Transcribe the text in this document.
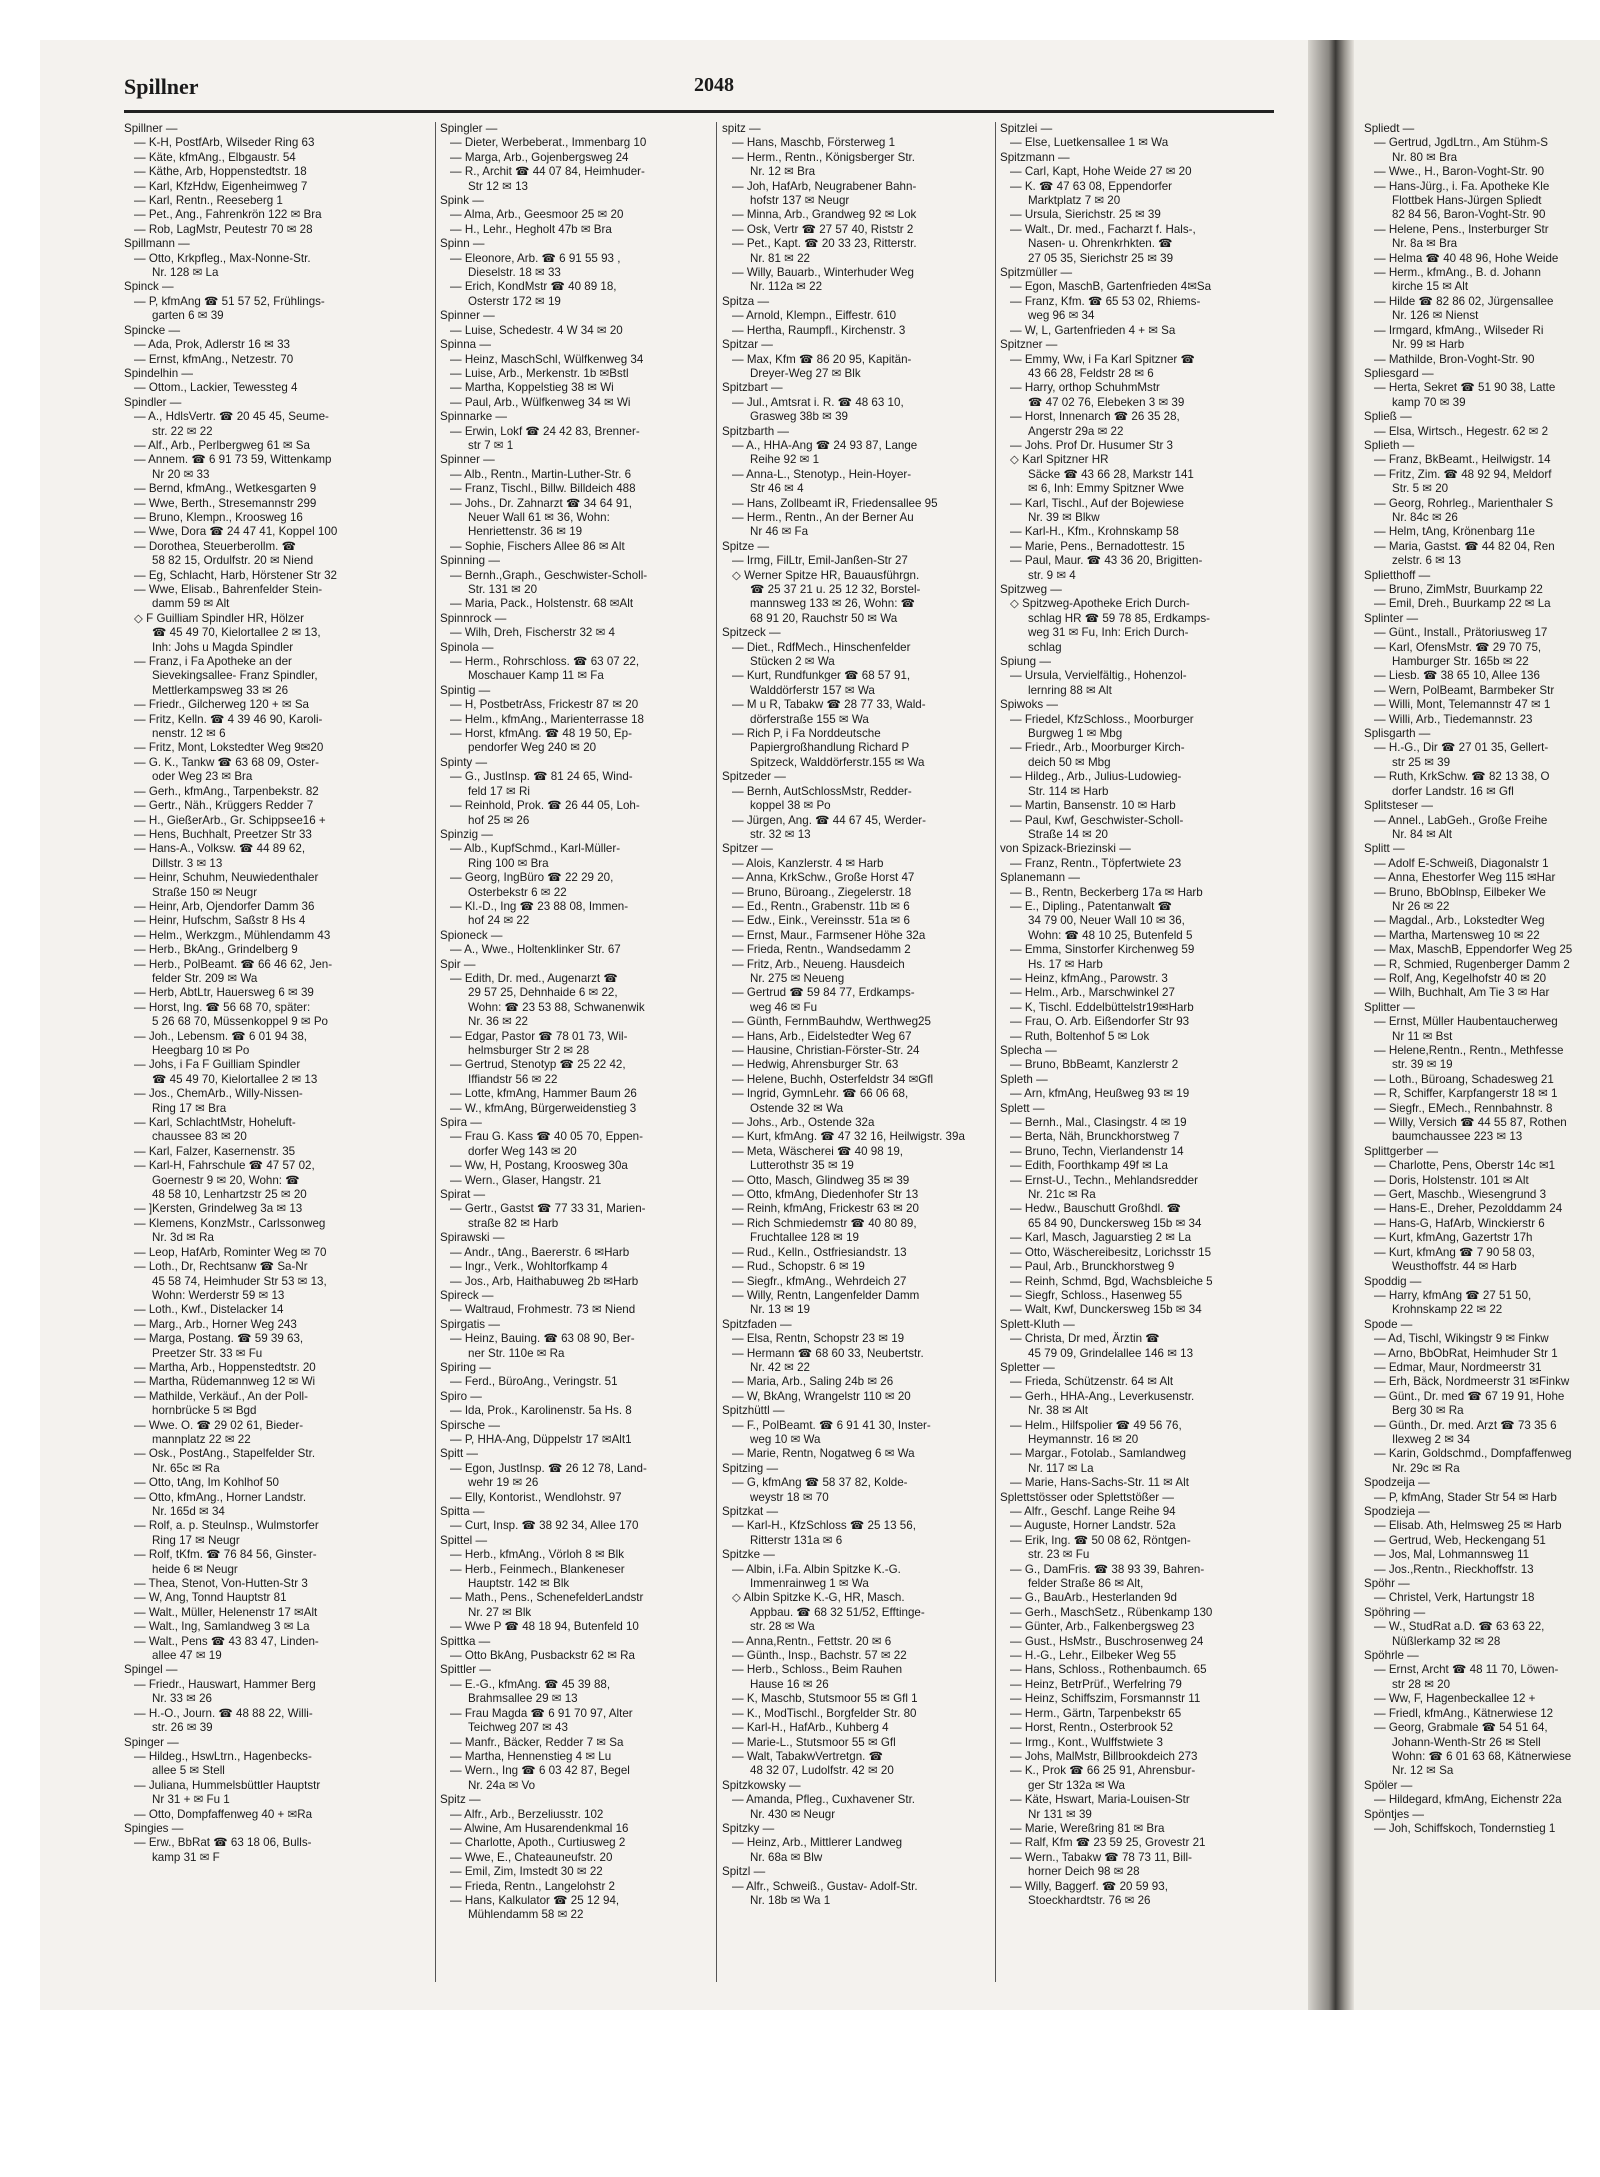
Spillner	2048
Spillner —
— K-H, PostfArb, Wilseder Ring 63
— Käte, kfmAng., Elbgaustr. 54
— Käthe, Arb, Hoppenstedtstr. 18
— Karl, KfzHdw, Eigenheimweg 7
— Karl, Rentn., Reeseberg 1
— Pet., Ang., Fahrenkrön 122 ✉ Bra
— Rob, LagMstr, Peutestr 70 ✉ 28
Spillmann —
— Otto, Krkpfleg., Max-Nonne-Str.
Nr. 128 ✉ La
Spinck —
— P, kfmAng ☎ 51 57 52, Frühlings-
garten 6 ✉ 39
Spincke —
— Ada, Prok, Adlerstr 16 ✉ 33
— Ernst, kfmAng., Netzestr. 70
Spindelhin —
— Ottom., Lackier, Tewessteg 4
Spindler —
— A., HdlsVertr. ☎ 20 45 45, Seume-
str. 22 ✉ 22
— Alf., Arb., Perlbergweg 61 ✉ Sa
— Annem. ☎ 6 91 73 59, Wittenkamp
Nr 20 ✉ 33
— Bernd, kfmAng., Wetkesgarten 9
— Wwe, Berth., Stresemannstr 299
— Bruno, Klempn., Kroosweg 16
— Wwe, Dora ☎ 24 47 41, Koppel 100
— Dorothea, Steuerberollm. ☎
58 82 15, Ordulfstr. 20 ✉ Niend
— Eg, Schlacht, Harb, Hörstener Str 32
— Wwe, Elisab., Bahrenfelder Stein-
damm 59 ✉ Alt
◇ F Guilliam Spindler HR, Hölzer
☎ 45 49 70, Kielortallee 2 ✉ 13,
Inh: Johs u Magda Spindler
— Franz, i Fa Apotheke an der
Sievekingsallee- Franz Spindler,
Mettlerkampsweg 33 ✉ 26
— Friedr., Gilcherweg 120 + ✉ Sa
— Fritz, Kelln. ☎ 4 39 46 90, Karoli-
nenstr. 12 ✉ 6
— Fritz, Mont, Lokstedter Weg 9✉20
— G. K., Tankw ☎ 63 68 09, Oster-
oder Weg 23 ✉ Bra
— Gerh., kfmAng., Tarpenbekstr. 82
— Gertr., Näh., Krüggers Redder 7
— H., GießerArb., Gr. Schippsee16 +
— Hens, Buchhalt, Preetzer Str 33
— Hans-A., Volksw. ☎ 44 89 62,
Dillstr. 3 ✉ 13
— Heinr, Schuhm, Neuwiedenthaler
Straße 150 ✉ Neugr
— Heinr, Arb, Ojendorfer Damm 36
— Heinr, Hufschm, Saßstr 8 Hs 4
— Helm., Werkzgm., Mühlendamm 43
— Herb., BkAng., Grindelberg 9
— Herb., PolBeamt. ☎ 66 46 62, Jen-
felder Str. 209 ✉ Wa
— Herb, AbtLtr, Hauersweg 6 ✉ 39
— Horst, Ing. ☎ 56 68 70, später:
5 26 68 70, Müssenkoppel 9 ✉ Po
— Joh., Lebensm. ☎ 6 01 94 38,
Heegbarg 10 ✉ Po
— Johs, i Fa F Guilliam Spindler
☎ 45 49 70, Kielortallee 2 ✉ 13
— Jos., ChemArb., Willy-Nissen-
Ring 17 ✉ Bra
— Karl, SchlachtMstr, Hoheluft-
chaussee 83 ✉ 20
— Karl, Falzer, Kasernenstr. 35
— Karl-H, Fahrschule ☎ 47 57 02,
Goernestr 9 ✉ 20, Wohn: ☎
48 58 10, Lenhartzstr 25 ✉ 20
— ]Kersten, Grindelweg 3a ✉ 13
— Klemens, KonzMstr., Carlssonweg
Nr. 3d ✉ Ra
— Leop, HafArb, Rominter Weg ✉ 70
— Loth., Dr, Rechtsanw ☎ Sa-Nr
45 58 74, Heimhuder Str 53 ✉ 13,
Wohn: Werderstr 59 ✉ 13
— Loth., Kwf., Distelacker 14
— Marg., Arb., Horner Weg 243
— Marga, Postang. ☎ 59 39 63,
Preetzer Str. 33 ✉ Fu
— Martha, Arb., Hoppenstedtstr. 20
— Martha, Rüdemannweg 12 ✉ Wi
— Mathilde, Verkäuf., An der Poll-
hornbrücke 5 ✉ Bgd
— Wwe. O. ☎ 29 02 61, Bieder-
mannplatz 22 ✉ 22
— Osk., PostAng., Stapelfelder Str.
Nr. 65c ✉ Ra
— Otto, tAng, Im Kohlhof 50
— Otto, kfmAng., Horner Landstr.
Nr. 165d ✉ 34
— Rolf, a. p. Steulnsp., Wulmstorfer
Ring 17 ✉ Neugr
— Rolf, tKfm. ☎ 76 84 56, Ginster-
heide 6 ✉ Neugr
— Thea, Stenot, Von-Hutten-Str 3
— W, Ang, Tonnd Hauptstr 81
— Walt., Müller, Helenenstr 17 ✉Alt
— Walt., Ing, Samlandweg 3 ✉ La
— Walt., Pens ☎ 43 83 47, Linden-
allee 47 ✉ 19
Spingel —
— Friedr., Hauswart, Hammer Berg
Nr. 33 ✉ 26
— H.-O., Journ. ☎ 48 88 22, Willi-
str. 26 ✉ 39
Spinger —
— Hildeg., HswLtrn., Hagenbecks-
allee 5 ✉ Stell
— Juliana, Hummelsbüttler Hauptstr
Nr 31 + ✉ Fu 1
— Otto, Dompfaffenweg 40 + ✉Ra
Spingies —
— Erw., BbRat ☎ 63 18 06, Bulls-
kamp 31 ✉ F
Spingler —
— Dieter, Werbeberat., Immenbarg 10
— Marga, Arb., Gojenbergsweg 24
— R., Archit ☎ 44 07 84, Heimhuder-
Str 12 ✉ 13
Spink —
— Alma, Arb., Geesmoor 25 ✉ 20
— H., Lehr., Hegholt 47b ✉ Bra
Spinn —
— Eleonore, Arb. ☎ 6 91 55 93 ,
Dieselstr. 18 ✉ 33
— Erich, KondMstr ☎ 40 89 18,
Osterstr 172 ✉ 19
Spinner —
— Luise, Schedestr. 4 W 34 ✉ 20
Spinna —
— Heinz, MaschSchl, Wülfkenweg 34
— Luise, Arb., Merkenstr. 1b ✉Bstl
— Martha, Koppelstieg 38 ✉ Wi
— Paul, Arb., Wülfkenweg 34 ✉ Wi
Spinnarke —
— Erwin, Lokf ☎ 24 42 83, Brenner-
str 7 ✉ 1
Spinner —
— Alb., Rentn., Martin-Luther-Str. 6
— Franz, Tischl., Billw. Billdeich 488
— Johs., Dr. Zahnarzt ☎ 34 64 91,
Neuer Wall 61 ✉ 36, Wohn:
Henriettenstr. 36 ✉ 19
— Sophie, Fischers Allee 86 ✉ Alt
Spinning —
— Bernh.,Graph., Geschwister-Scholl-
Str. 131 ✉ 20
— Maria, Pack., Holstenstr. 68 ✉Alt
Spinnrock —
— Wilh, Dreh, Fischerstr 32 ✉ 4
Spinola —
— Herm., Rohrschloss. ☎ 63 07 22,
Moschauer Kamp 11 ✉ Fa
Spintig —
— H, PostbetrAss, Frickestr 87 ✉ 20
— Helm., kfmAng., Marienterrasse 18
— Horst, kfmAng. ☎ 48 19 50, Ep-
pendorfer Weg 240 ✉ 20
Spinty —
— G., JustInsp. ☎ 81 24 65, Wind-
feld 17 ✉ Ri
— Reinhold, Prok. ☎ 26 44 05, Loh-
hof 25 ✉ 26
Spinzig —
— Alb., KupfSchmd., Karl-Müller-
Ring 100 ✉ Bra
— Georg, IngBüro ☎ 22 29 20,
Osterbekstr 6 ✉ 22
— Kl.-D., Ing ☎ 23 88 08, Immen-
hof 24 ✉ 22
Spioneck —
— A., Wwe., Holtenklinker Str. 67
Spir —
— Edith, Dr. med., Augenarzt ☎
29 57 25, Dehnhaide 6 ✉ 22,
Wohn: ☎ 23 53 88, Schwanenwik
Nr. 36 ✉ 22
— Edgar, Pastor ☎ 78 01 73, Wil-
helmsburger Str 2 ✉ 28
— Gertrud, Stenotyp ☎ 25 22 42,
Iffiandstr 56 ✉ 22
— Lotte, kfmAng, Hammer Baum 26
— W., kfmAng, Bürgerweidenstieg 3
Spira —
— Frau G. Kass ☎ 40 05 70, Eppen-
dorfer Weg 143 ✉ 20
— Ww, H, Postang, Kroosweg 30a
— Wern., Glaser, Hangstr. 21
Spirat —
— Gertr., Gastst ☎ 77 33 31, Marien-
straße 82 ✉ Harb
Spirawski —
— Andr., tAng., Baererstr. 6 ✉Harb
— Ingr., Verk., Wohltorfkamp 4
— Jos., Arb, Haithabuweg 2b ✉Harb
Spireck —
— Waltraud, Frohmestr. 73 ✉ Niend
Spirgatis —
— Heinz, Bauing. ☎ 63 08 90, Ber-
ner Str. 110e ✉ Ra
Spiring —
— Ferd., BüroAng., Veringstr. 51
Spiro —
— Ida, Prok., Karolinenstr. 5a Hs. 8
Spirsche —
— P, HHA-Ang, Düppelstr 17 ✉Alt1
Spitt —
— Egon, JustInsp. ☎ 26 12 78, Land-
wehr 19 ✉ 26
— Elly, Kontorist., Wendlohstr. 97
Spitta —
— Curt, Insp. ☎ 38 92 34, Allee 170
Spittel —
— Herb., kfmAng., Vörloh 8 ✉ Blk
— Herb., Feinmech., Blankeneser
Hauptstr. 142 ✉ Blk
— Math., Pens., SchenefelderLandstr
Nr. 27 ✉ Blk
— Wwe P ☎ 48 18 94, Butenfeld 10
Spittka —
— Otto BkAng, Pusbackstr 62 ✉ Ra
Spittler —
— E.-G., kfmAng. ☎ 45 39 88,
Brahmsallee 29 ✉ 13
— Frau Magda ☎ 6 91 70 97, Alter
Teichweg 207 ✉ 43
— Manfr., Bäcker, Redder 7 ✉ Sa
— Martha, Hennenstieg 4 ✉ Lu
— Wern., Ing ☎ 6 03 42 87, Begel
Nr. 24a ✉ Vo
Spitz —
— Alfr., Arb., Berzeliusstr. 102
— Alwine, Am Husarendenkmal 16
— Charlotte, Apoth., Curtiusweg 2
— Wwe, E., Chateauneufstr. 20
— Emil, Zim, Imstedt 30 ✉ 22
— Frieda, Rentn., Langelohstr 2
— Hans, Kalkulator ☎ 25 12 94,
Mühlendamm 58 ✉ 22
spitz —
— Hans, Maschb, Försterweg 1
— Herm., Rentn., Königsberger Str.
Nr. 12 ✉ Bra
— Joh, HafArb, Neugrabener Bahn-
hofstr 137 ✉ Neugr
— Minna, Arb., Grandweg 92 ✉ Lok
— Osk, Vertr ☎ 27 57 40, Riststr 2
— Pet., Kapt. ☎ 20 33 23, Ritterstr.
Nr. 81 ✉ 22
— Willy, Bauarb., Winterhuder Weg
Nr. 112a ✉ 22
Spitza —
— Arnold, Klempn., Eiffestr. 610
— Hertha, Raumpfl., Kirchenstr. 3
Spitzar —
— Max, Kfm ☎ 86 20 95, Kapitän-
Dreyer-Weg 27 ✉ Blk
Spitzbart —
— Jul., Amtsrat i. R. ☎ 48 63 10,
Grasweg 38b ✉ 39
Spitzbarth —
— A., HHA-Ang ☎ 24 93 87, Lange
Reihe 92 ✉ 1
— Anna-L., Stenotyp., Hein-Hoyer-
Str 46 ✉ 4
— Hans, Zollbeamt iR, Friedensallee 95
— Herm., Rentn., An der Berner Au
Nr 46 ✉ Fa
Spitze —
— Irmg, FilLtr, Emil-Janßen-Str 27
◇ Werner Spitze HR, Bauausführgn.
☎ 25 37 21 u. 25 12 32, Borstel-
mannsweg 133 ✉ 26, Wohn: ☎
68 91 20, Rauchstr 50 ✉ Wa
Spitzeck —
— Diet., RdfMech., Hinschenfelder
Stücken 2 ✉ Wa
— Kurt, Rundfunkger ☎ 68 57 91,
Walddörferstr 157 ✉ Wa
— M u R, Tabakw ☎ 28 77 33, Wald-
dörferstraße 155 ✉ Wa
— Rich P, i Fa Norddeutsche
Papiergroßhandlung Richard P
Spitzeck, Walddörferstr.155 ✉ Wa
Spitzeder —
— Bernh, AutSchlossMstr, Redder-
koppel 38 ✉ Po
— Jürgen, Ang. ☎ 44 67 45, Werder-
str. 32 ✉ 13
Spitzer —
— Alois, Kanzlerstr. 4 ✉ Harb
— Anna, KrkSchw., Große Horst 47
— Bruno, Büroang., Ziegelerstr. 18
— Ed., Rentn., Grabenstr. 11b ✉ 6
— Edw., Eink., Vereinsstr. 51a ✉ 6
— Ernst, Maur., Farmsener Höhe 32a
— Frieda, Rentn., Wandsedamm 2
— Fritz, Arb., Neueng. Hausdeich
Nr. 275 ✉ Neueng
— Gertrud ☎ 59 84 77, Erdkamps-
weg 46 ✉ Fu
— Günth, FernmBauhdw, Werthweg25
— Hans, Arb., Eidelstedter Weg 67
— Hausine, Christian-Förster-Str. 24
— Hedwig, Ahrensburger Str. 63
— Helene, Buchh, Osterfeldstr 34 ✉Gfl
— Ingrid, GymnLehr. ☎ 66 06 68,
Ostende 32 ✉ Wa
— Johs., Arb., Ostende 32a
— Kurt, kfmAng. ☎ 47 32 16, Heilwigstr. 39a
— Meta, Wäscherei ☎ 40 98 19,
Lutterothstr 35 ✉ 19
— Otto, Masch, Glindweg 35 ✉ 39
— Otto, kfmAng, Diedenhofer Str 13
— Reinh, kfmAng, Frickestr 63 ✉ 20
— Rich Schmiedemstr ☎ 40 80 89,
Fruchtallee 128 ✉ 19
— Rud., Kelln., Ostfriesiandstr. 13
— Rud., Schopstr. 6 ✉ 19
— Siegfr., kfmAng., Wehrdeich 27
— Willy, Rentn, Langenfelder Damm
Nr. 13 ✉ 19
Spitzfaden —
— Elsa, Rentn, Schopstr 23 ✉ 19
— Hermann ☎ 68 60 33, Neubertstr.
Nr. 42 ✉ 22
— Maria, Arb., Saling 24b ✉ 26
— W, BkAng, Wrangelstr 110 ✉ 20
Spitzhüttl —
— F., PolBeamt. ☎ 6 91 41 30, Inster-
weg 10 ✉ Wa
— Marie, Rentn, Nogatweg 6 ✉ Wa
Spitzing —
— G, kfmAng ☎ 58 37 82, Kolde-
weystr 18 ✉ 70
Spitzkat —
— Karl-H., KfzSchloss ☎ 25 13 56,
Ritterstr 131a ✉ 6
Spitzke —
— Albin, i.Fa. Albin Spitzke K.-G.
Immenrainweg 1 ✉ Wa
◇ Albin Spitzke K.-G, HR, Masch.
Appbau. ☎ 68 32 51/52, Efftinge-
str. 28 ✉ Wa
— Anna,Rentn., Fettstr. 20 ✉ 6
— Günth., Insp., Bachstr. 57 ✉ 22
— Herb., Schloss., Beim Rauhen
Hause 16 ✉ 26
— K, Maschb, Stutsmoor 55 ✉ Gfl 1
— K., ModTischl., Borgfelder Str. 80
— Karl-H., HafArb., Kuhberg 4
— Marie-L., Stutsmoor 55 ✉ Gfl
— Walt, TabakwVertretgn. ☎
48 32 07, Ludolfstr. 42 ✉ 20
Spitzkowsky —
— Amanda, Pfleg., Cuxhavener Str.
Nr. 430 ✉ Neugr
Spitzky —
— Heinz, Arb., Mittlerer Landweg
Nr. 68a ✉ Blw
Spitzl —
— Alfr., Schweiß., Gustav- Adolf-Str.
Nr. 18b ✉ Wa 1
Spitzlei —
— Else, Luetkensallee 1 ✉ Wa
Spitzmann —
— Carl, Kapt, Hohe Weide 27 ✉ 20
— K. ☎ 47 63 08, Eppendorfer
Marktplatz 7 ✉ 20
— Ursula, Sierichstr. 25 ✉ 39
— Walt., Dr. med., Facharzt f. Hals-,
Nasen- u. Ohrenkrhkten. ☎
27 05 35, Sierichstr 25 ✉ 39
Spitzmüller —
— Egon, MaschB, Gartenfrieden 4✉Sa
— Franz, Kfm. ☎ 65 53 02, Rhiems-
weg 96 ✉ 34
— W, L, Gartenfrieden 4 + ✉ Sa
Spitzner —
— Emmy, Ww, i Fa Karl Spitzner ☎
43 66 28, Feldstr 28 ✉ 6
— Harry, orthop SchuhmMstr
☎ 47 02 76, Elebeken 3 ✉ 39
— Horst, Innenarch ☎ 26 35 28,
Angerstr 29a ✉ 22
— Johs. Prof Dr. Husumer Str 3
◇ Karl Spitzner HR
Säcke ☎ 43 66 28, Markstr 141
✉ 6, Inh: Emmy Spitzner Wwe
— Karl, Tischl., Auf der Bojewiese
Nr. 39 ✉ Blkw
— Karl-H., Kfm., Krohnskamp 58
— Marie, Pens., Bernadottestr. 15
— Paul, Maur. ☎ 43 36 20, Brigitten-
str. 9 ✉ 4
Spitzweg —
◇ Spitzweg-Apotheke Erich Durch-
schlag HR ☎ 59 78 85, Erdkamps-
weg 31 ✉ Fu, Inh: Erich Durch-
schlag
Spiung —
— Ursula, Vervielfältig., Hohenzol-
lernring 88 ✉ Alt
Spiwoks —
— Friedel, KfzSchloss., Moorburger
Burgweg 1 ✉ Mbg
— Friedr., Arb., Moorburger Kirch-
deich 50 ✉ Mbg
— Hildeg., Arb., Julius-Ludowieg-
Str. 114 ✉ Harb
— Martin, Bansenstr. 10 ✉ Harb
— Paul, Kwf, Geschwister-Scholl-
Straße 14 ✉ 20
von Spizack-Briezinski —
— Franz, Rentn., Töpfertwiete 23
Splanemann —
— B., Rentn, Beckerberg 17a ✉ Harb
— E., Dipling., Patentanwalt ☎
34 79 00, Neuer Wall 10 ✉ 36,
Wohn: ☎ 48 10 25, Butenfeld 5
— Emma, Sinstorfer Kirchenweg 59
Hs. 17 ✉ Harb
— Heinz, kfmAng., Parowstr. 3
— Helm., Arb., Marschwinkel 27
— K, Tischl. Eddelbüttelstr19✉Harb
— Frau, O. Arb. Eißendorfer Str 93
— Ruth, Boltenhof 5 ✉ Lok
Splecha —
— Bruno, BbBeamt, Kanzlerstr 2
Spleth —
— Arn, kfmAng, Heußweg 93 ✉ 19
Splett —
— Bernh., Mal., Clasingstr. 4 ✉ 19
— Berta, Näh, Brunckhorstweg 7
— Bruno, Techn, Vierlandenstr 14
— Edith, Foorthkamp 49f ✉ La
— Ernst-U., Techn., Mehlandsredder
Nr. 21c ✉ Ra
— Hedw., Bauschutt Großhdl. ☎
65 84 90, Dunckersweg 15b ✉ 34
— Karl, Masch, Jaguarstieg 2 ✉ La
— Otto, Wäschereibesitz, Lorichsstr 15
— Paul, Arb., Brunckhorstweg 9
— Reinh, Schmd, Bgd, Wachsbleiche 5
— Siegfr, Schloss., Hasenweg 55
— Walt, Kwf, Dunckersweg 15b ✉ 34
Splett-Kluth —
— Christa, Dr med, Ärztin ☎
45 79 09, Grindelallee 146 ✉ 13
Spletter —
— Frieda, Schützenstr. 64 ✉ Alt
— Gerh., HHA-Ang., Leverkusenstr.
Nr. 38 ✉ Alt
— Helm., Hilfspolier ☎ 49 56 76,
Heymannstr. 16 ✉ 20
— Margar., Fotolab., Samlandweg
Nr. 117 ✉ La
— Marie, Hans-Sachs-Str. 11 ✉ Alt
Splettstösser oder Splettstößer —
— Alfr., Geschf. Lange Reihe 94
— Auguste, Horner Landstr. 52a
— Erik, Ing. ☎ 50 08 62, Röntgen-
str. 23 ✉ Fu
— G., DamFris. ☎ 38 93 39, Bahren-
felder Straße 86 ✉ Alt,
— G., BauArb., Hesterlanden 9d
— Gerh., MaschSetz., Rübenkamp 130
— Günter, Arb., Falkenbergsweg 23
— Gust., HsMstr., Buschrosenweg 24
— H.-G., Lehr., Eilbeker Weg 55
— Hans, Schloss., Rothenbaumch. 65
— Heinz, BetrPrüf., Werfelring 79
— Heinz, Schiffszim, Forsmannstr 11
— Herm., Gärtn, Tarpenbekstr 65
— Horst, Rentn., Osterbrook 52
— Irmg., Kont., Wulffstwiete 3
— Johs, MalMstr, Billbrookdeich 273
— K., Prok ☎ 66 25 91, Ahrensbur-
ger Str 132a ✉ Wa
— Käte, Hswart, Maria-Louisen-Str
Nr 131 ✉ 39
— Marie, Wereßring 81 ✉ Bra
— Ralf, Kfm ☎ 23 59 25, Grovestr 21
— Wern., Tabakw ☎ 78 73 11, Bill-
horner Deich 98 ✉ 28
— Willy, Baggerf. ☎ 20 59 93,
Stoeckhardtstr. 76 ✉ 26
Spliedt —
— Gertrud, JgdLtrn., Am Stühm-S
Nr. 80 ✉ Bra
— Wwe., H., Baron-Voght-Str. 90
— Hans-Jürg., i. Fa. Apotheke Kle
Flottbek Hans-Jürgen Spliedt
82 84 56, Baron-Voght-Str. 90
— Helene, Pens., Insterburger Str
Nr. 8a ✉ Bra
— Helma ☎ 40 48 96, Hohe Weide
— Herm., kfmAng., B. d. Johann
kirche 15 ✉ Alt
— Hilde ☎ 82 86 02, Jürgensallee
Nr. 126 ✉ Nienst
— Irmgard, kfmAng., Wilseder Ri
Nr. 99 ✉ Harb
— Mathilde, Bron-Voght-Str. 90
Spliesgard —
— Herta, Sekret ☎ 51 90 38, Latte
kamp 70 ✉ 39
Spließ —
— Elsa, Wirtsch., Hegestr. 62 ✉ 2
Splieth —
— Franz, BkBeamt., Heilwigstr. 14
— Fritz, Zim. ☎ 48 92 94, Meldorf
Str. 5 ✉ 20
— Georg, Rohrleg., Marienthaler S
Nr. 84c ✉ 26
— Helm, tAng, Krönenbarg 11e
— Maria, Gastst. ☎ 44 82 04, Ren
zelstr. 6 ✉ 13
Splietthoff —
— Bruno, ZimMstr, Buurkamp 22
— Emil, Dreh., Buurkamp 22 ✉ La
Splinter —
— Günt., Install., Prätoriusweg 17
— Karl, OfensMstr. ☎ 29 70 75,
Hamburger Str. 165b ✉ 22
— Liesb. ☎ 38 65 10, Allee 136
— Wern, PolBeamt, Barmbeker Str
— Willi, Mont, Telemannstr 47 ✉ 1
— Willi, Arb., Tiedemannstr. 23
Splisgarth —
— H.-G., Dir ☎ 27 01 35, Gellert-
str 25 ✉ 39
— Ruth, KrkSchw. ☎ 82 13 38, O
dorfer Landstr. 16 ✉ Gfl
Splitsteser —
— Annel., LabGeh., Große Freihe
Nr. 84 ✉ Alt
Splitt —
— Adolf E-Schweiß, Diagonalstr 1
— Anna, Ehestorfer Weg 115 ✉Har
— Bruno, BbOblnsp, Eilbeker We
Nr 26 ✉ 22
— Magdal., Arb., Lokstedter Weg
— Martha, Martensweg 10 ✉ 22
— Max, MaschB, Eppendorfer Weg 25
— R, Schmied, Rugenberger Damm 2
— Rolf, Ang, Kegelhofstr 40 ✉ 20
— Wilh, Buchhalt, Am Tie 3 ✉ Har
Splitter —
— Ernst, Müller Haubentaucherweg
Nr 11 ✉ Bst
— Helene,Rentn., Rentn., Methfesse
str. 39 ✉ 19
— Loth., Büroang, Schadesweg 21
— R, Schiffer, Karpfangerstr 18 ✉ 1
— Siegfr., EMech., Rennbahnstr. 8
— Willy, Versich ☎ 44 55 87, Rothen
baumchaussee 223 ✉ 13
Splittgerber —
— Charlotte, Pens, Oberstr 14c ✉1
— Doris, Holstenstr. 101 ✉ Alt
— Gert, Maschb., Wiesengrund 3
— Hans-E., Dreher, Pezolddamm 24
— Hans-G, HafArb, Winckierstr 6
— Kurt, kfmAng, Gazertstr 17h
— Kurt, kfmAng ☎ 7 90 58 03,
Weusthoffstr. 44 ✉ Harb
Spoddig —
— Harry, kfmAng ☎ 27 51 50,
Krohnskamp 22 ✉ 22
Spode —
— Ad, Tischl, Wikingstr 9 ✉ Finkw
— Arno, BbObRat, Heimhuder Str 1
— Edmar, Maur, Nordmeerstr 31
— Erh, Bäck, Nordmeerstr 31 ✉Finkw
— Günt., Dr. med ☎ 67 19 91, Hohe
Berg 30 ✉ Ra
— Günth., Dr. med. Arzt ☎ 73 35 6
Ilexweg 2 ✉ 34
— Karin, Goldschmd., Dompfaffenweg
Nr. 29c ✉ Ra
Spodzeija —
— P, kfmAng, Stader Str 54 ✉ Harb
Spodzieja —
— Elisab. Ath, Helmsweg 25 ✉ Harb
— Gertrud, Web, Heckengang 51
— Jos, Mal, Lohmannsweg 11
— Jos.,Rentn., Rieckhoffstr. 13
Spöhr —
— Christel, Verk, Hartungstr 18
Spöhring —
— W., StudRat a.D. ☎ 63 63 22,
Nüßlerkamp 32 ✉ 28
Spöhrle —
— Ernst, Archt ☎ 48 11 70, Löwen-
str 28 ✉ 20
— Ww, F, Hagenbeckallee 12 +
— Friedl, kfmAng., Kätnerwiese 12
— Georg, Grabmale ☎ 54 51 64,
Johann-Wenth-Str 26 ✉ Stell
Wohn: ☎ 6 01 63 68, Kätnerwiese
Nr. 12 ✉ Sa
Spöler —
— Hildegard, kfmAng, Eichenstr 22a
Spöntjes —
— Joh, Schiffskoch, Tondernstieg 1
